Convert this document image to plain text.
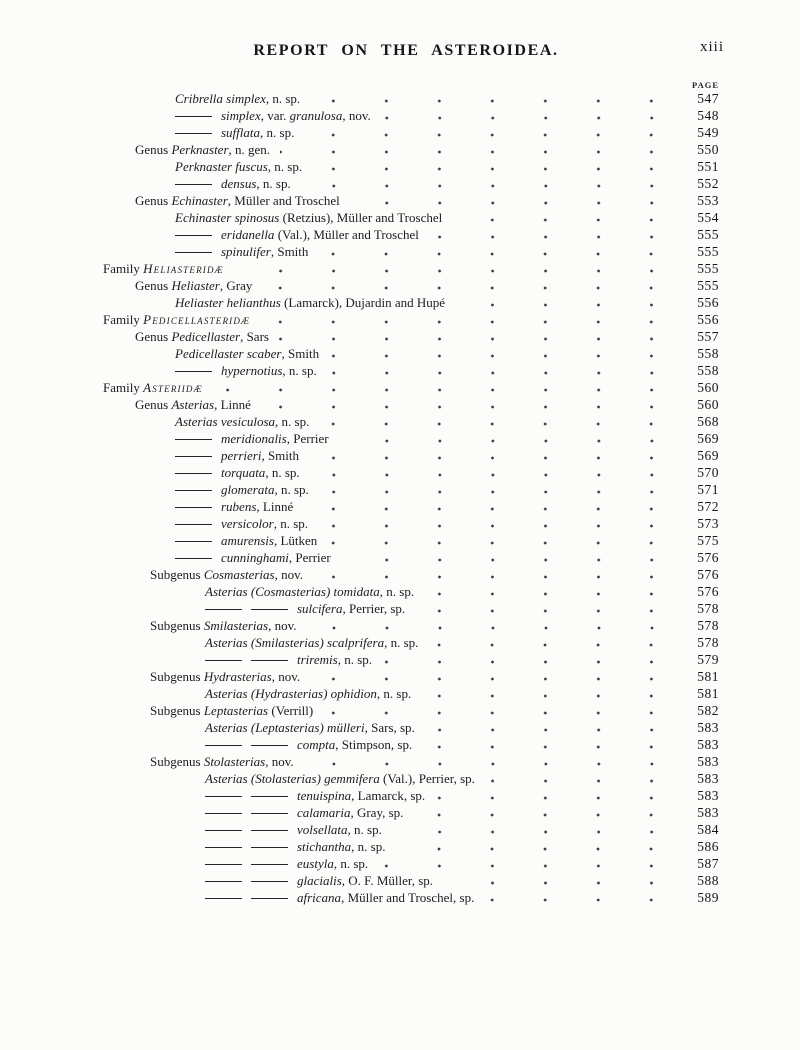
REPORT ON THE ASTEROIDEA.	xiii
PAGE
Cribrella simplex, n. sp.	547
simplex, var. granulosa, nov.	548
sufflata, n. sp.	549
Genus Perknaster, n. gen.	550
Perknaster fuscus, n. sp.	551
densus, n. sp.	552
Genus Echinaster, Müller and Troschel	553
Echinaster spinosus (Retzius), Müller and Troschel	554
eridanella (Val.), Müller and Troschel	555
spinulifer, Smith	555
Family Heliasteridæ	555
Genus Heliaster, Gray	555
Heliaster helianthus (Lamarck), Dujardin and Hupé	556
Family Pedicellasteridæ	556
Genus Pedicellaster, Sars	557
Pedicellaster scaber, Smith	558
hypernotius, n. sp.	558
Family Asteriidæ	560
Genus Asterias, Linné	560
Asterias vesiculosa, n. sp.	568
meridionalis, Perrier	569
perrieri, Smith	569
torquata, n. sp.	570
glomerata, n. sp.	571
rubens, Linné	572
versicolor, n. sp.	573
amurensis, Lütken	575
cunninghami, Perrier	576
Subgenus Cosmasterias, nov.	576
Asterias (Cosmasterias) tomidata, n. sp.	576
sulcifera, Perrier, sp.	578
Subgenus Smilasterias, nov.	578
Asterias (Smilasterias) scalprifera, n. sp.	578
triremis, n. sp.	579
Subgenus Hydrasterias, nov.	581
Asterias (Hydrasterias) ophidion, n. sp.	581
Subgenus Leptasterias (Verrill)	582
Asterias (Leptasterias) mülleri, Sars, sp.	583
compta, Stimpson, sp.	583
Subgenus Stolasterias, nov.	583
Asterias (Stolasterias) gemmifera (Val.), Perrier, sp.	583
tenuispina, Lamarck, sp.	583
calamaria, Gray, sp.	583
volsellata, n. sp.	584
stichantha, n. sp.	586
eustyla, n. sp.	587
glacialis, O. F. Müller, sp.	588
africana, Müller and Troschel, sp.	589
